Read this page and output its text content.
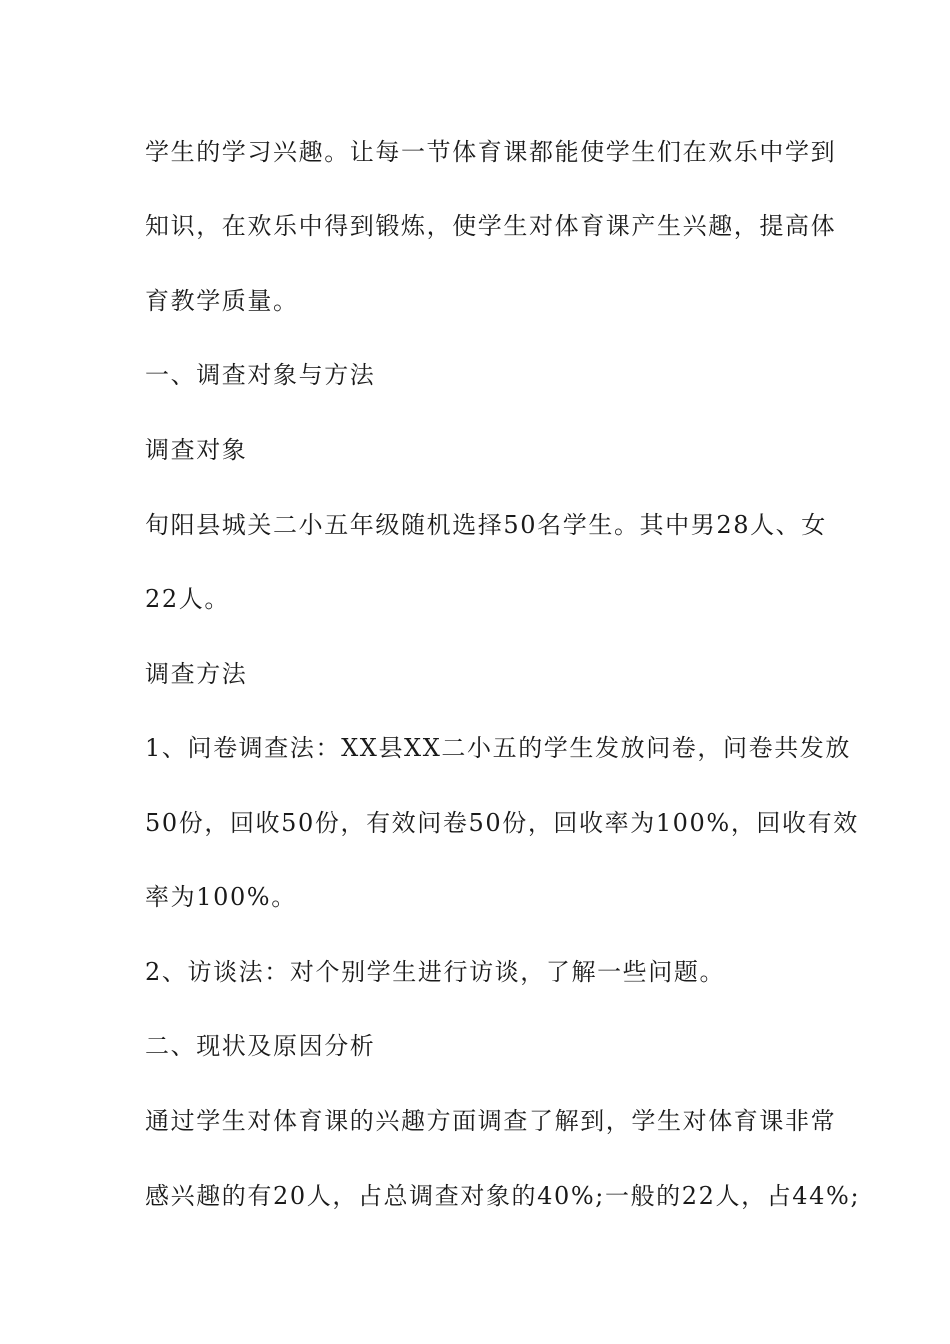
学生的学习兴趣。让每一节体育课都能使学生们在欢乐中学到
知识，在欢乐中得到锻炼，使学生对体育课产生兴趣，提高体
育教学质量。
一、调查对象与方法
调查对象
旬阳县城关二小五年级随机选择50名学生。其中男28人、女
22人。
调查方法
1、问卷调查法：XX县XX二小五的学生发放问卷，问卷共发放
50份，回收50份，有效问卷50份，回收率为100%，回收有效
率为100%。
2、访谈法：对个别学生进行访谈，了解一些问题。
二、现状及原因分析
通过学生对体育课的兴趣方面调查了解到，学生对体育课非常
感兴趣的有20人，占总调查对象的40%;一般的22人，占44%;
